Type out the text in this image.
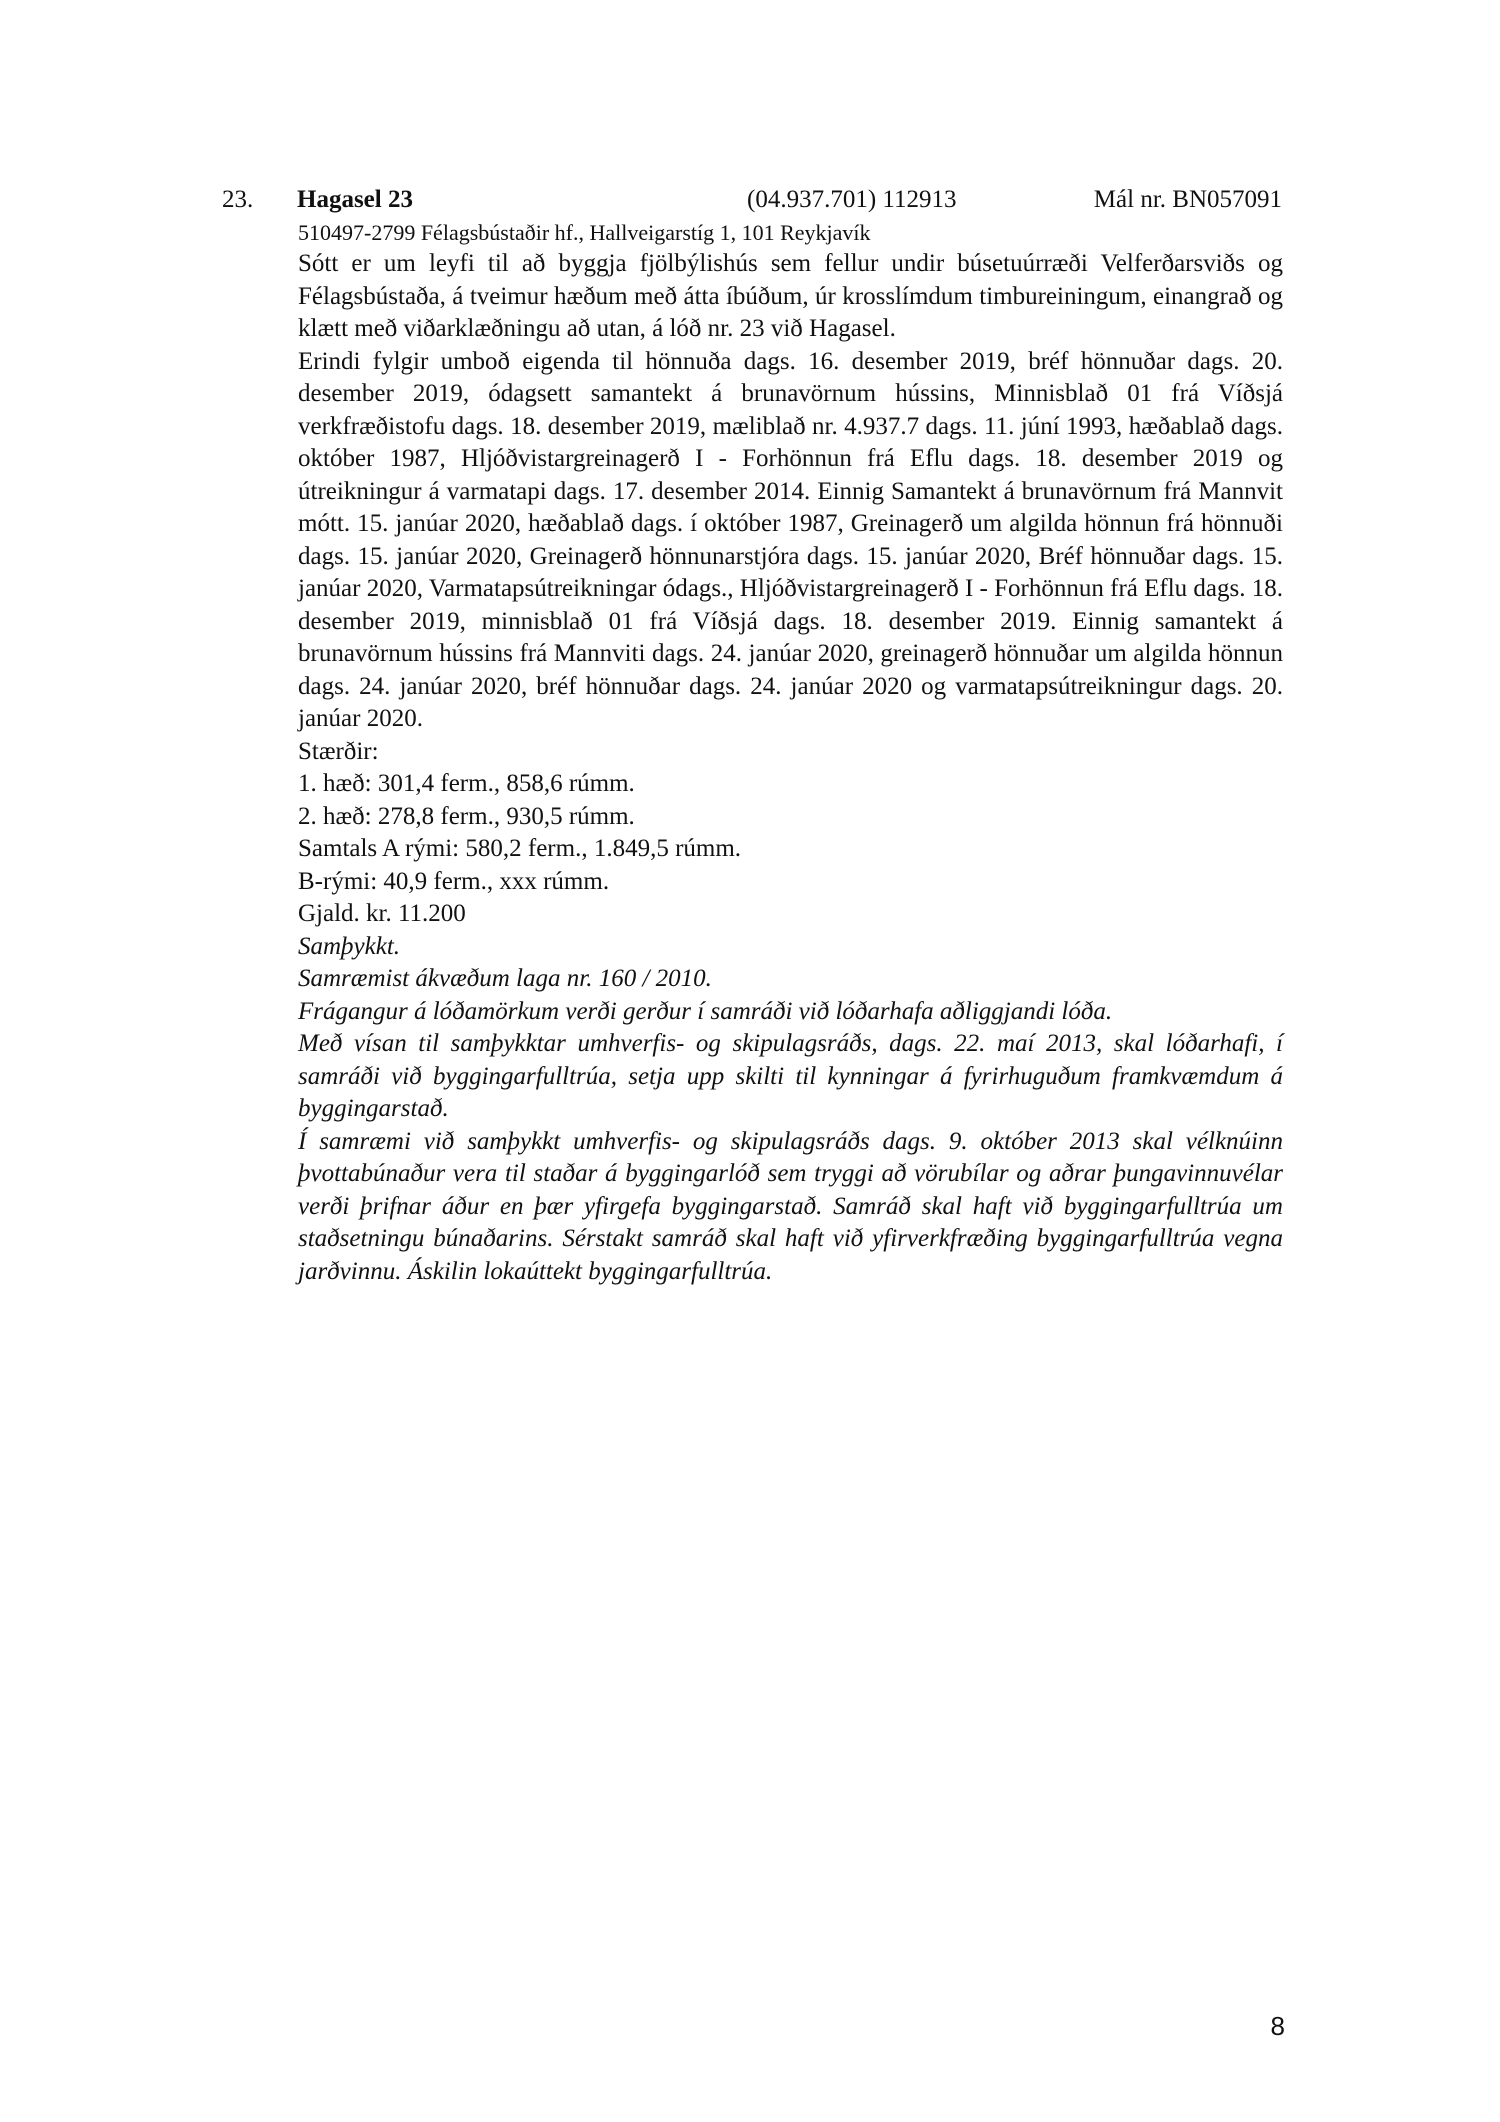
23. Hagasel 23	(04.937.701) 112913	Mál nr. BN057091

510497-2799 Félagsbústaðir hf., Hallveigarstíg 1, 101 Reykjavík

Sótt er um leyfi til að byggja fjölbýlishús sem fellur undir búsetuúrræði Velferðarsviðs og Félagsbústaða, á tveimur hæðum með átta íbúðum, úr krosslímdum timbureiningum, einangrað og klætt með viðarklæðningu að utan, á lóð nr. 23 við Hagasel.

Erindi fylgir umboð eigenda til hönnuða dags. 16. desember 2019, bréf hönnuðar dags. 20. desember 2019, ódagsett samantekt á brunavörnum hússins, Minnisblað 01 frá Víðsjá verkfræðistofu dags. 18. desember 2019, mæliblað nr. 4.937.7 dags. 11. júní 1993, hæðablað dags. október 1987, Hljóðvistargreinagerð I - Forhönnun frá Eflu dags. 18. desember 2019 og útreikningur á varmatapi dags. 17. desember 2014. Einnig Samantekt á brunavörnum frá Mannvit mótt. 15. janúar 2020, hæðablað dags. í október 1987, Greinagerð um algilda hönnun frá hönnuði dags. 15. janúar 2020, Greinagerð hönnunarstjóra dags. 15. janúar 2020, Bréf hönnuðar dags. 15. janúar 2020, Varmatapsútreikningar ódags., Hljóðvistargreinagerð I - Forhönnun frá Eflu dags. 18. desember 2019, minnisblað 01 frá Víðsjá dags. 18. desember 2019. Einnig samantekt á brunavörnum hússins frá Mannviti dags. 24. janúar 2020, greinagerð hönnuðar um algilda hönnun dags. 24. janúar 2020, bréf hönnuðar dags. 24. janúar 2020 og varmatapsútreikningur dags. 20. janúar 2020.

Stærðir:

1. hæð: 301,4 ferm., 858,6 rúmm.

2. hæð: 278,8 ferm., 930,5 rúmm.

Samtals A rými: 580,2 ferm., 1.849,5 rúmm.

B-rými: 40,9 ferm., xxx rúmm.

Gjald. kr. 11.200

Samþykkt.

Samræmist ákvæðum laga nr. 160 / 2010.

Frágangur á lóðamörkum verði gerður í samráði við lóðarhafa aðliggjandi lóða.

Með vísan til samþykktar umhverfis- og skipulagsráðs, dags. 22. maí 2013, skal lóðarhafi, í samráði við byggingarfulltrúa, setja upp skilti til kynningar á fyrirhuguðum framkvæmdum á byggingarstað.

Í samræmi við samþykkt umhverfis- og skipulagsráðs dags. 9. október 2013 skal vélknúinn þvottabúnaður vera til staðar á byggingarlóð sem tryggi að vörubílar og aðrar þungavinnuvélar verði þrifnar áður en þær yfirgefa byggingarstað. Samráð skal haft við byggingarfulltrúa um staðsetningu búnaðarins. Sérstakt samráð skal haft við yfirverkfræðing byggingarfulltrúa vegna jarðvinnu. Áskilin lokaúttekt byggingarfulltrúa.

8
